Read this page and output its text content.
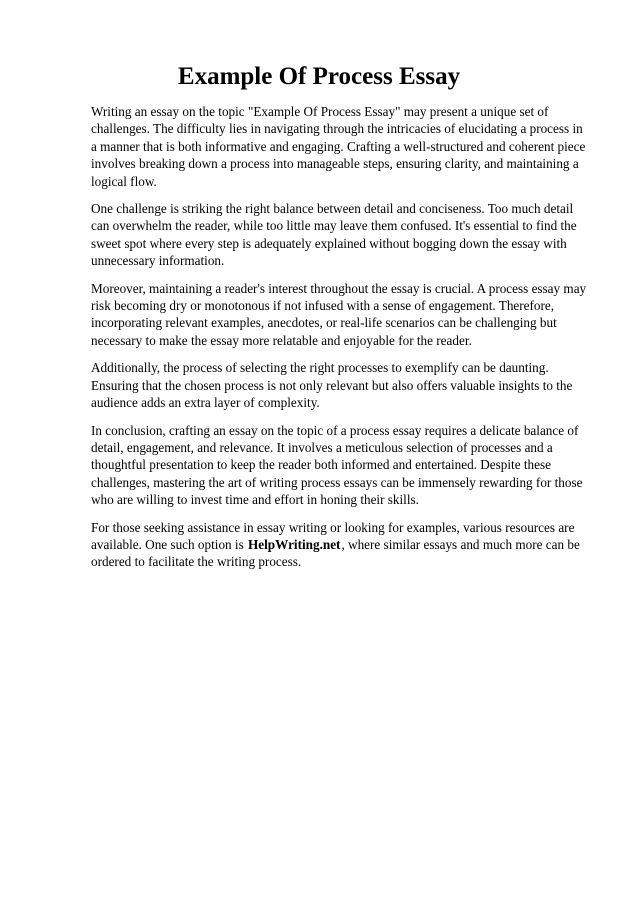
Example Of Process Essay

Writing an essay on the topic "Example Of Process Essay" may present a unique set of challenges. The difficulty lies in navigating through the intricacies of elucidating a process in a manner that is both informative and engaging. Crafting a well-structured and coherent piece involves breaking down a process into manageable steps, ensuring clarity, and maintaining a logical flow.

One challenge is striking the right balance between detail and conciseness. Too much detail can overwhelm the reader, while too little may leave them confused. It's essential to find the sweet spot where every step is adequately explained without bogging down the essay with unnecessary information.

Moreover, maintaining a reader's interest throughout the essay is crucial. A process essay may risk becoming dry or monotonous if not infused with a sense of engagement. Therefore, incorporating relevant examples, anecdotes, or real-life scenarios can be challenging but necessary to make the essay more relatable and enjoyable for the reader.

Additionally, the process of selecting the right processes to exemplify can be daunting. Ensuring that the chosen process is not only relevant but also offers valuable insights to the audience adds an extra layer of complexity.

In conclusion, crafting an essay on the topic of a process essay requires a delicate balance of detail, engagement, and relevance. It involves a meticulous selection of processes and a thoughtful presentation to keep the reader both informed and entertained. Despite these challenges, mastering the art of writing process essays can be immensely rewarding for those who are willing to invest time and effort in honing their skills.

For those seeking assistance in essay writing or looking for examples, various resources are available. One such option is HelpWriting.net, where similar essays and much more can be ordered to facilitate the writing process.
